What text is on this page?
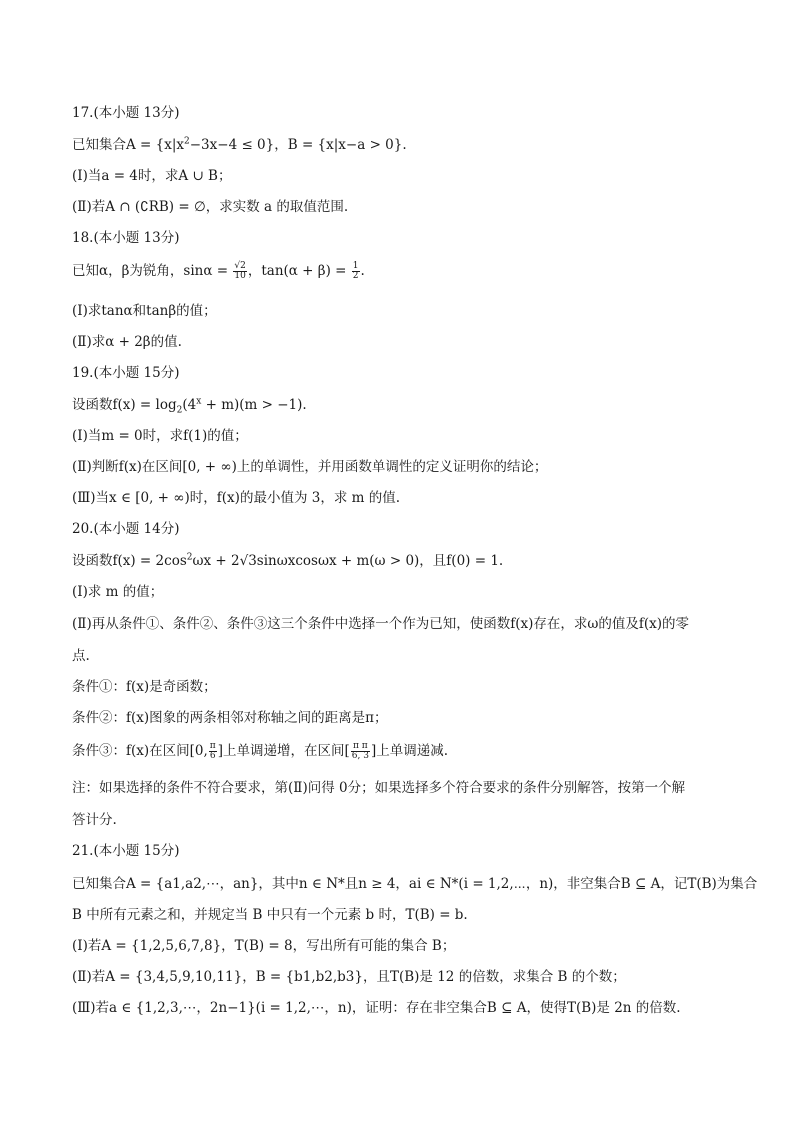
17.(本小题 13分)
已知集合$A = \{x|x^2-3x-4 \le 0\}$，B = {x|x−a > 0}.
(Ⅰ)当a = 4时，求A ∪ B；
(Ⅱ)若A ∩ (∁RB) = ∅，求实数 a 的取值范围.
18.(本小题 13分)
已知α，β为锐角，$\sin\alpha = \frac{√2}{10}$ ，$\tan(\alpha + \beta) = \frac{1}{2}$ .
(Ⅰ)求tanα和tanβ的值；
(Ⅱ)求α + 2β的值.
19.(本小题 15分)
设函数$f(x) = \log_2(4^x + m)(m > -1)$.
(Ⅰ)当m = 0时，求f(1)的值；
(Ⅱ)判断f(x)在区间[0, + ∞)上的单调性，并用函数单调性的定义证明你的结论；
(Ⅲ)当x ∈ [0, + ∞)时，f(x)的最小值为 3，求 m 的值.
20.(本小题 14分)
设函数$f(x) = 2\cos^2\omega x + 2√3\sin\omega xcos\omega x + m(\omega > 0)$，且f(0) = 1.
(Ⅰ)求 m 的值；
(Ⅱ)再从条件①、条件②、条件③这三个条件中选择一个作为已知，使函数f(x)存在，求ω的值及f(x)的零
点.
条件①：f(x)是奇函数；
条件②：f(x)图象的两条相邻对称轴之间的距离是π；
条件③：f(x)在区间[0, $\frac{\pi}{6}$ ]上单调递增，在区间[ $\frac{\text{π π}}{6, 3}$ ]上单调递减.
注：如果选择的条件不符合要求，第(Ⅱ)问得 0分；如果选择多个符合要求的条件分别解答，按第一个解
答计分.
21.(本小题 15分)
已知集合A = {a1,a2,⋯，an}，其中n ∈ N*且n ≥ 4，ai ∈ N*(i = 1,2,⋯，n)，非空集合B ⊆ A，记T(B)为集合
B 中所有元素之和，并规定当 B 中只有一个元素 b 时，T(B) = b.
(Ⅰ)若A = {1,2,5,6,7,8}，T(B) = 8，写出所有可能的集合 B；
(Ⅱ)若A = {3,4,5,9,10,11}，B = {b1,b2,b3}，且T(B)是 12 的倍数，求集合 B 的个数；
(Ⅲ)若a ∈ {1,2,3,⋯，2n−1}(i = 1,2,⋯，n)，证明：存在非空集合B ⊆ A，使得T(B)是 2n 的倍数.
